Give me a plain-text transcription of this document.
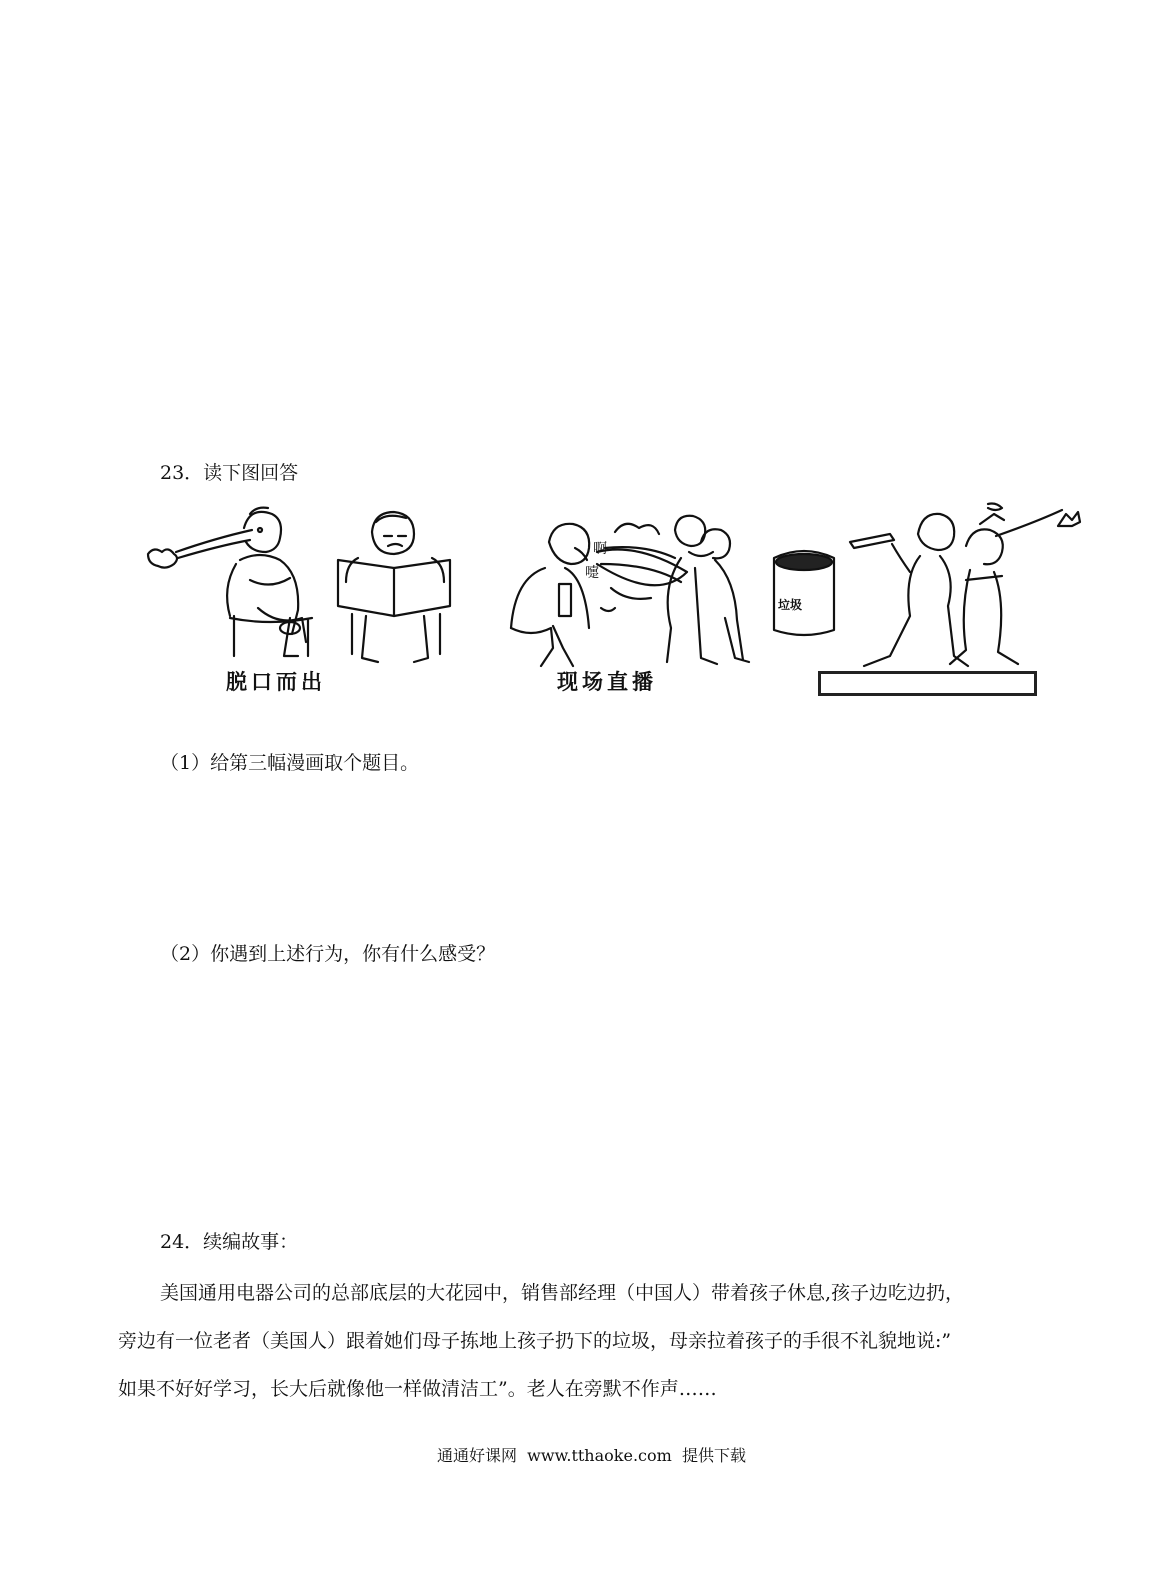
23．读下图回答
脱口而出
啊
嚏
现场直播
垃圾
（1）给第三幅漫画取个题目。
（2）你遇到上述行为，你有什么感受？
24．续编故事：
美国通用电器公司的总部底层的大花园中，销售部经理（中国人）带着孩子休息,孩子边吃边扔，
旁边有一位老者（美国人）跟着她们母子拣地上孩子扔下的垃圾，母亲拉着孩子的手很不礼貌地说:”
如果不好好学习，长大后就像他一样做清洁工”。老人在旁默不作声……
通通好课网  www.tthaoke.com  提供下载
